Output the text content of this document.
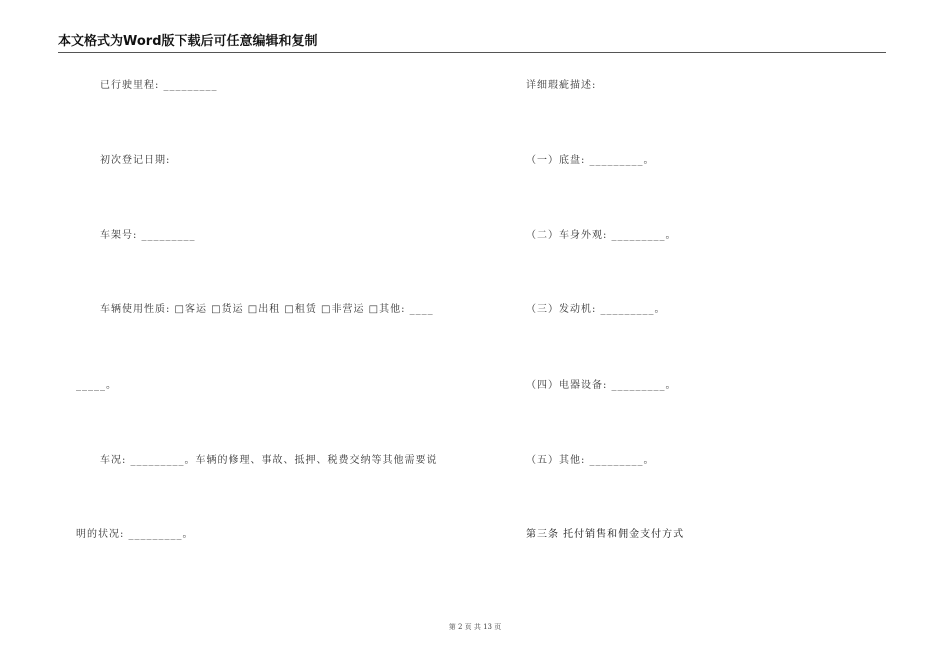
本文格式为Word版下载后可任意编辑和复制
已行驶里程: _________
初次登记日期:
车架号: _________
车辆使用性质: □客运 □货运 □出租 □租赁 □非营运 □其他: ____
_____。
车况: _________。车辆的修理、事故、抵押、税费交纳等其他需要说
明的状况: _________。
详细瑕疵描述:
（一）底盘: _________。
（二）车身外观: _________。
（三）发动机: _________。
（四）电器设备: _________。
（五）其他: _________。
第三条 托付销售和佣金支付方式
第 2 页 共 13 页
